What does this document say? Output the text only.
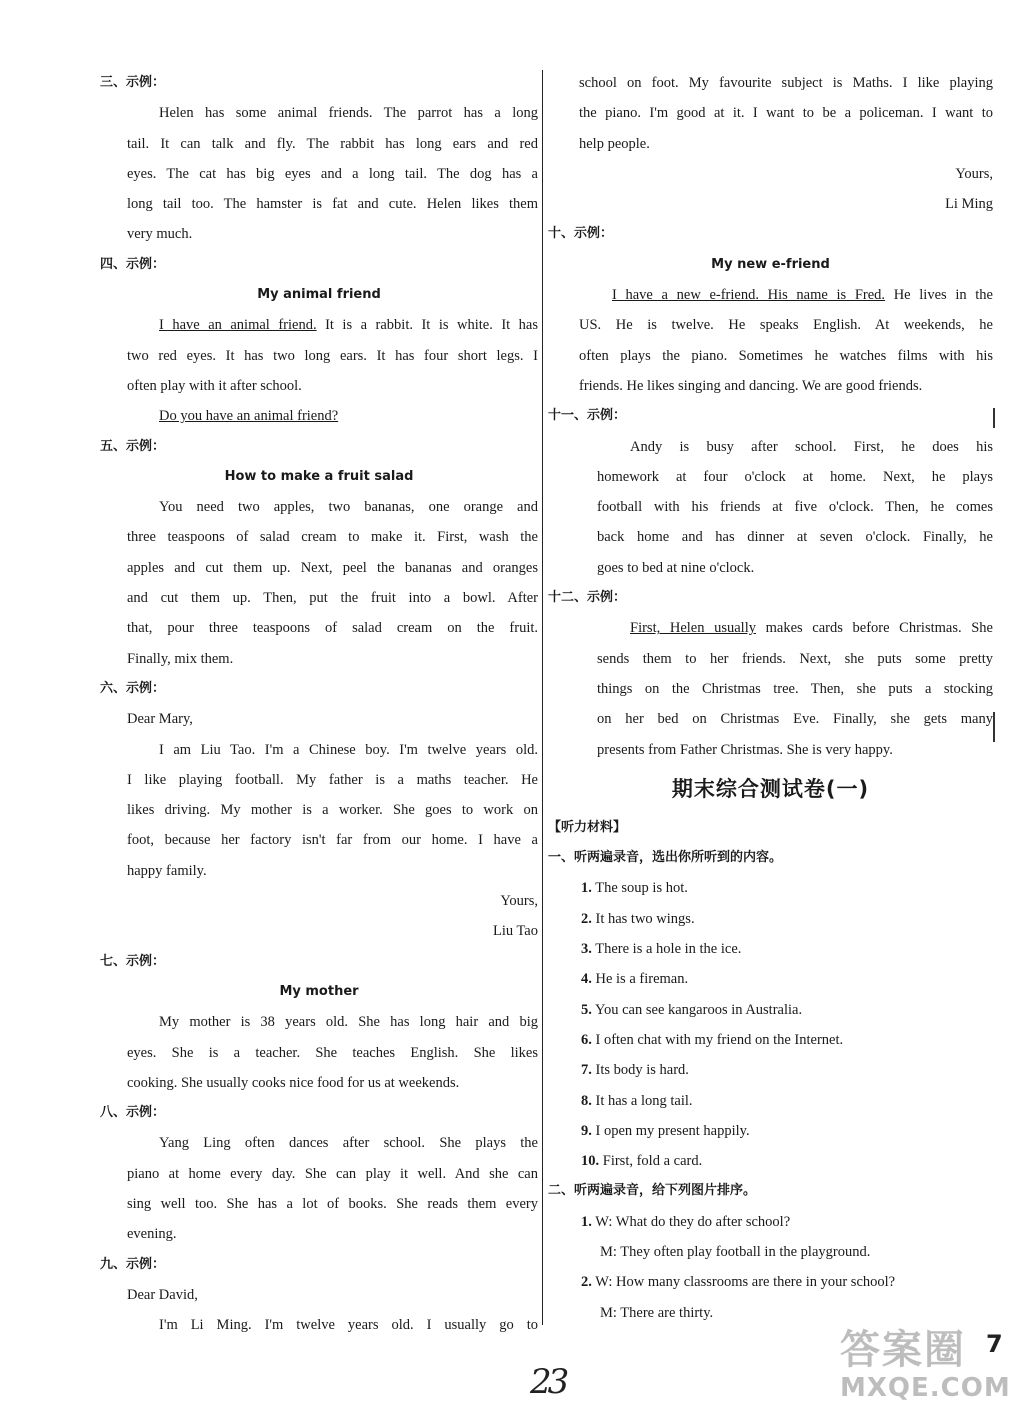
三、示例：
Helen has some animal friends. The parrot has a long
tail. It can talk and fly. The rabbit has long ears and red
eyes. The cat has big eyes and a long tail. The dog has a
long tail too. The hamster is fat and cute. Helen likes them
very much.
四、示例：
My animal friend
I have an animal friend. It is a rabbit. It is white. It has
two red eyes. It has two long ears. It has four short legs. I
often play with it after school.
Do you have an animal friend?
五、示例：
How to make a fruit salad
You need two apples, two bananas, one orange and
three teaspoons of salad cream to make it. First, wash the
apples and cut them up. Next, peel the bananas and oranges
and cut them up. Then, put the fruit into a bowl. After
that, pour three teaspoons of salad cream on the fruit.
Finally, mix them.
六、示例：
Dear Mary,
I am Liu Tao. I'm a Chinese boy. I'm twelve years old.
I like playing football. My father is a maths teacher. He
likes driving. My mother is a worker. She goes to work on
foot, because her factory isn't far from our home. I have a
happy family.
Yours,
Liu Tao
七、示例：
My mother
My mother is 38 years old. She has long hair and big
eyes. She is a teacher. She teaches English. She likes
cooking. She usually cooks nice food for us at weekends.
八、示例：
Yang Ling often dances after school. She plays the
piano at home every day. She can play it well. And she can
sing well too. She has a lot of books. She reads them every
evening.
九、示例：
Dear David,
I'm Li Ming. I'm twelve years old. I usually go to
school on foot. My favourite subject is Maths. I like playing
the piano. I'm good at it. I want to be a policeman. I want to
help people.
Yours,
Li Ming
十、示例：
My new e-friend
I have a new e-friend. His name is Fred. He lives in the
US. He is twelve. He speaks English. At weekends, he
often plays the piano. Sometimes he watches films with his
friends. He likes singing and dancing. We are good friends.
十一、示例：
Andy is busy after school. First, he does his
homework at four o'clock at home. Next, he plays
football with his friends at five o'clock. Then, he comes
back home and has dinner at seven o'clock. Finally, he
goes to bed at nine o'clock.
十二、示例：
First, Helen usually makes cards before Christmas. She
sends them to her friends. Next, she puts some pretty
things on the Christmas tree. Then, she puts a stocking
on her bed on Christmas Eve. Finally, she gets many
presents from Father Christmas. She is very happy.
期末综合测试卷(一)
【听力材料】
一、听两遍录音，选出你所听到的内容。
1. The soup is hot.
2. It has two wings.
3. There is a hole in the ice.
4. He is a fireman.
5. You can see kangaroos in Australia.
6. I often chat with my friend on the Internet.
7. Its body is hard.
8. It has a long tail.
9. I open my present happily.
10. First, fold a card.
二、听两遍录音，给下列图片排序。
1. W: What do they do after school?
M: They often play football in the playground.
2. W: How many classrooms are there in your school?
M: There are thirty.
23
答案圈
MXQE.COM
7
